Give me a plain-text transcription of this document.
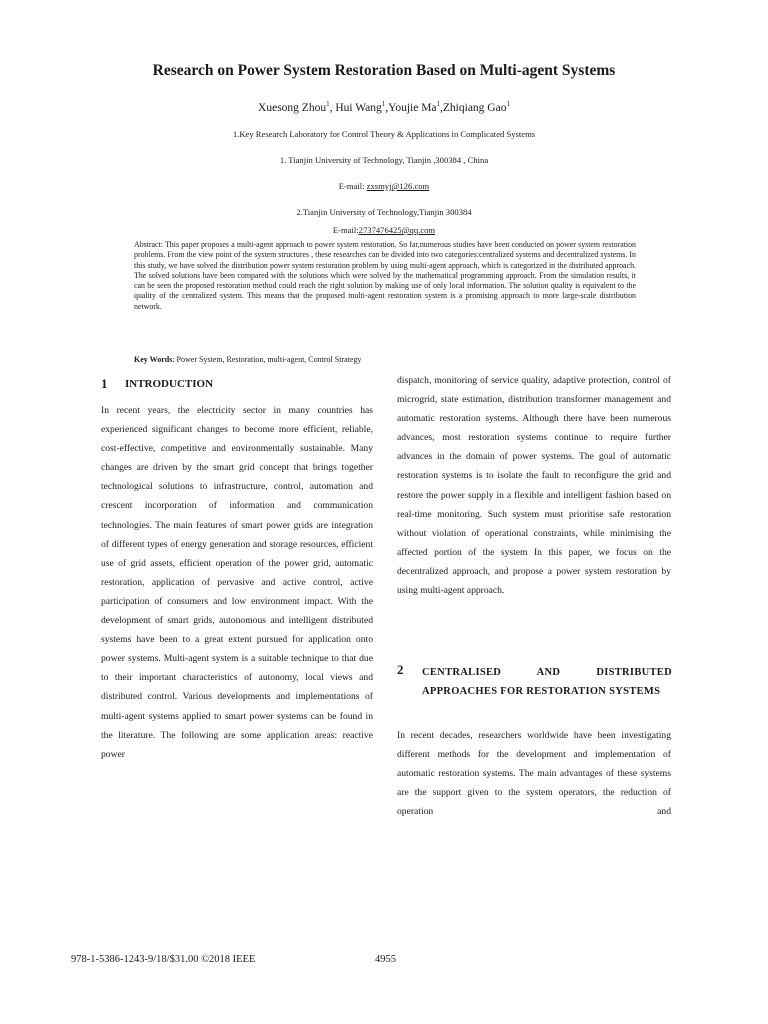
Research on Power System Restoration Based on Multi-agent Systems
Xuesong Zhou$^1$, Hui Wang$^1$,Youjie Ma$^1$,Zhiqiang Gao$^1$
1.Key Research Laboratory for Control Theory & Applications in Complicated Systems
1. Tianjin University of Technology, Tianjin ,300384 , China
E-mail: zxsmyj@126.com
2.Tianjin University of Technology,Tianjin 300384
E-mail:2737476425@qq.com
Abstract: This paper proposes a multi-agent approach to power system restoration. So far,numerous studies have been conducted on power system restoration problems. From the view point of the system structures , these researches can be divided into two categories:centralized systems and decentralized systems. In this study, we have solved the distribution power system restoration problem by using multi-agent approach, which is categorized in the distributed approach. The solved solutions have been compared with the solutions which were solved by the mathematical programming approach. From the simulation results, it can be seen the proposed restoration method could reach the right solution by making use of only local information. The solution quality is equivalent to the quality of the centralized system. This means that the proposed multi-agent restoration system is a promising approach to more large-scale distribution network.
Key Words: Power System, Restoration, multi-agent, Control Strategy
1 INTRODUCTION
In recent years, the electricity sector in many countries has experienced significant changes to become more efficient, reliable, cost-effective, competitive and environmentally sustainable. Many changes are driven by the smart grid concept that brings together technological solutions to infrastructure, control, automation and crescent incorporation of information and communication technologies. The main features of smart power grids are integration of different types of energy generation and storage resources, efficient use of grid assets, efficient operation of the power grid, automatic restoration, application of pervasive and active control, active participation of consumers and low environment impact. With the development of smart grids, autonomous and intelligent distributed systems have been to a great extent pursued for application onto power systems. Multi-agent system is a suitable technique to that due to their important characteristics of autonomy, local views and distributed control. Various developments and implementations of multi-agent systems applied to smart power systems can be found in the literature. The following are some application areas: reactive power
dispatch, monitoring of service quality, adaptive protection, control of microgrid, state estimation, distribution transformer management and automatic restoration systems. Although there have been numerous advances, most restoration systems continue to require further advances in the domain of power systems. The goal of automatic restoration systems is to isolate the fault to reconfigure the grid and restore the power supply in a flexible and intelligent fashion based on real-time monitoring. Such system must prioritise safe restoration without violation of operational constraints, while minimising the affected portion of the system In this paper, we focus on the decentralized approach, and propose a power system restoration by using multi-agent approach.
2 CENTRALISED AND DISTRIBUTED APPROACHES FOR RESTORATION SYSTEMS
In recent decades, researchers worldwide have been investigating different methods for the development and implementation of automatic restoration systems. The main advantages of these systems are the support given to the system operators, the reduction of operation and
978-1-5386-1243-9/18/$31.00 ©2018 IEEE	4955
